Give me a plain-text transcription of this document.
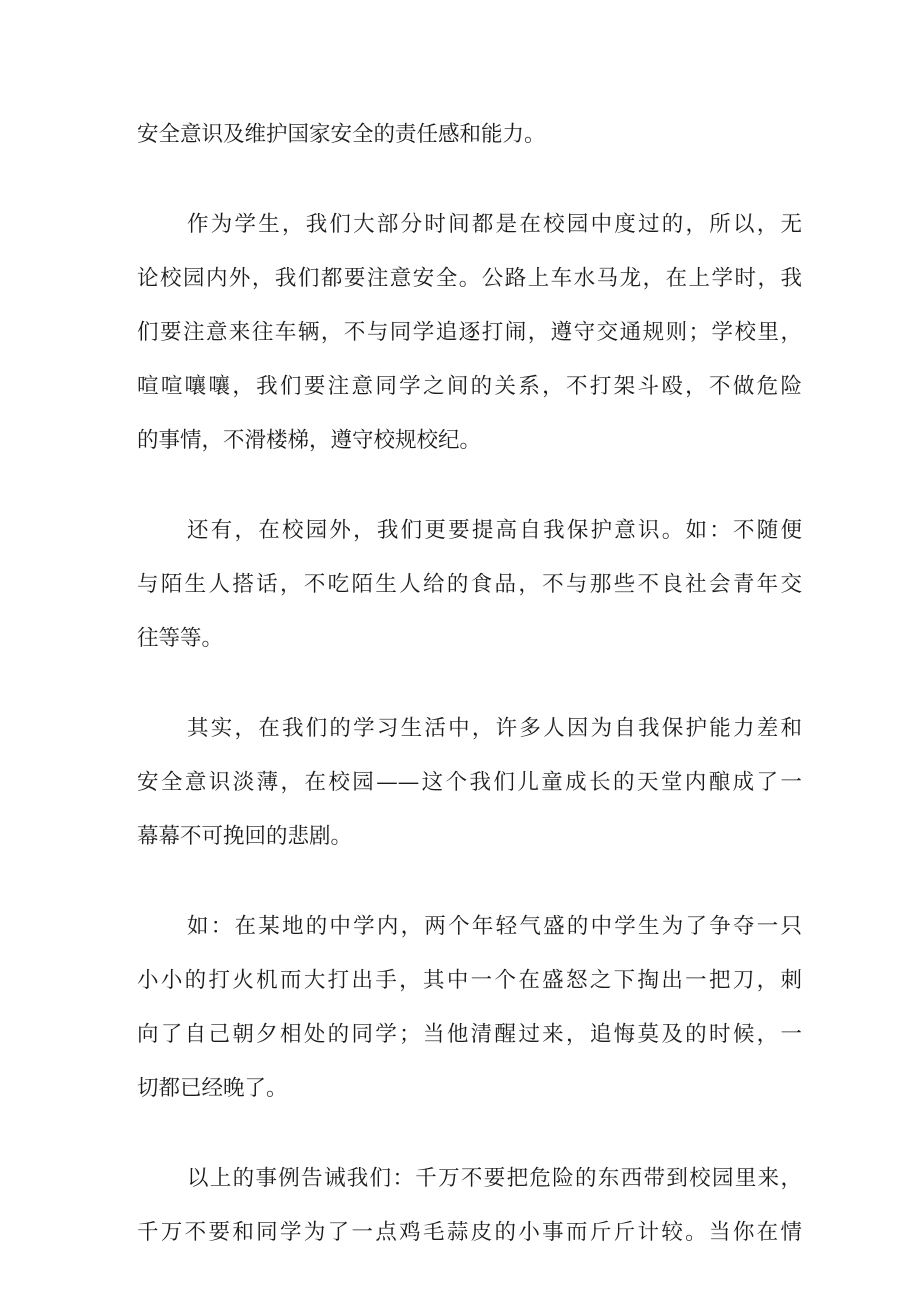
安全意识及维护国家安全的责任感和能力。
作为学生，我们大部分时间都是在校园中度过的，所以，无
论校园内外，我们都要注意安全。公路上车水马龙，在上学时，我
们要注意来往车辆，不与同学追逐打闹，遵守交通规则；学校里，
喧喧嚷嚷，我们要注意同学之间的关系，不打架斗殴，不做危险
的事情，不滑楼梯，遵守校规校纪。
还有，在校园外，我们更要提高自我保护意识。如：不随便
与陌生人搭话，不吃陌生人给的食品，不与那些不良社会青年交
往等等。
其实，在我们的学习生活中，许多人因为自我保护能力差和
安全意识淡薄，在校园——这个我们儿童成长的天堂内酿成了一
幕幕不可挽回的悲剧。
如：在某地的中学内，两个年轻气盛的中学生为了争夺一只
小小的打火机而大打出手，其中一个在盛怒之下掏出一把刀，刺
向了自己朝夕相处的同学；当他清醒过来，追悔莫及的时候，一
切都已经晚了。
以上的事例告诫我们：千万不要把危险的东西带到校园里来，
千万不要和同学为了一点鸡毛蒜皮的小事而斤斤计较。当你在情
